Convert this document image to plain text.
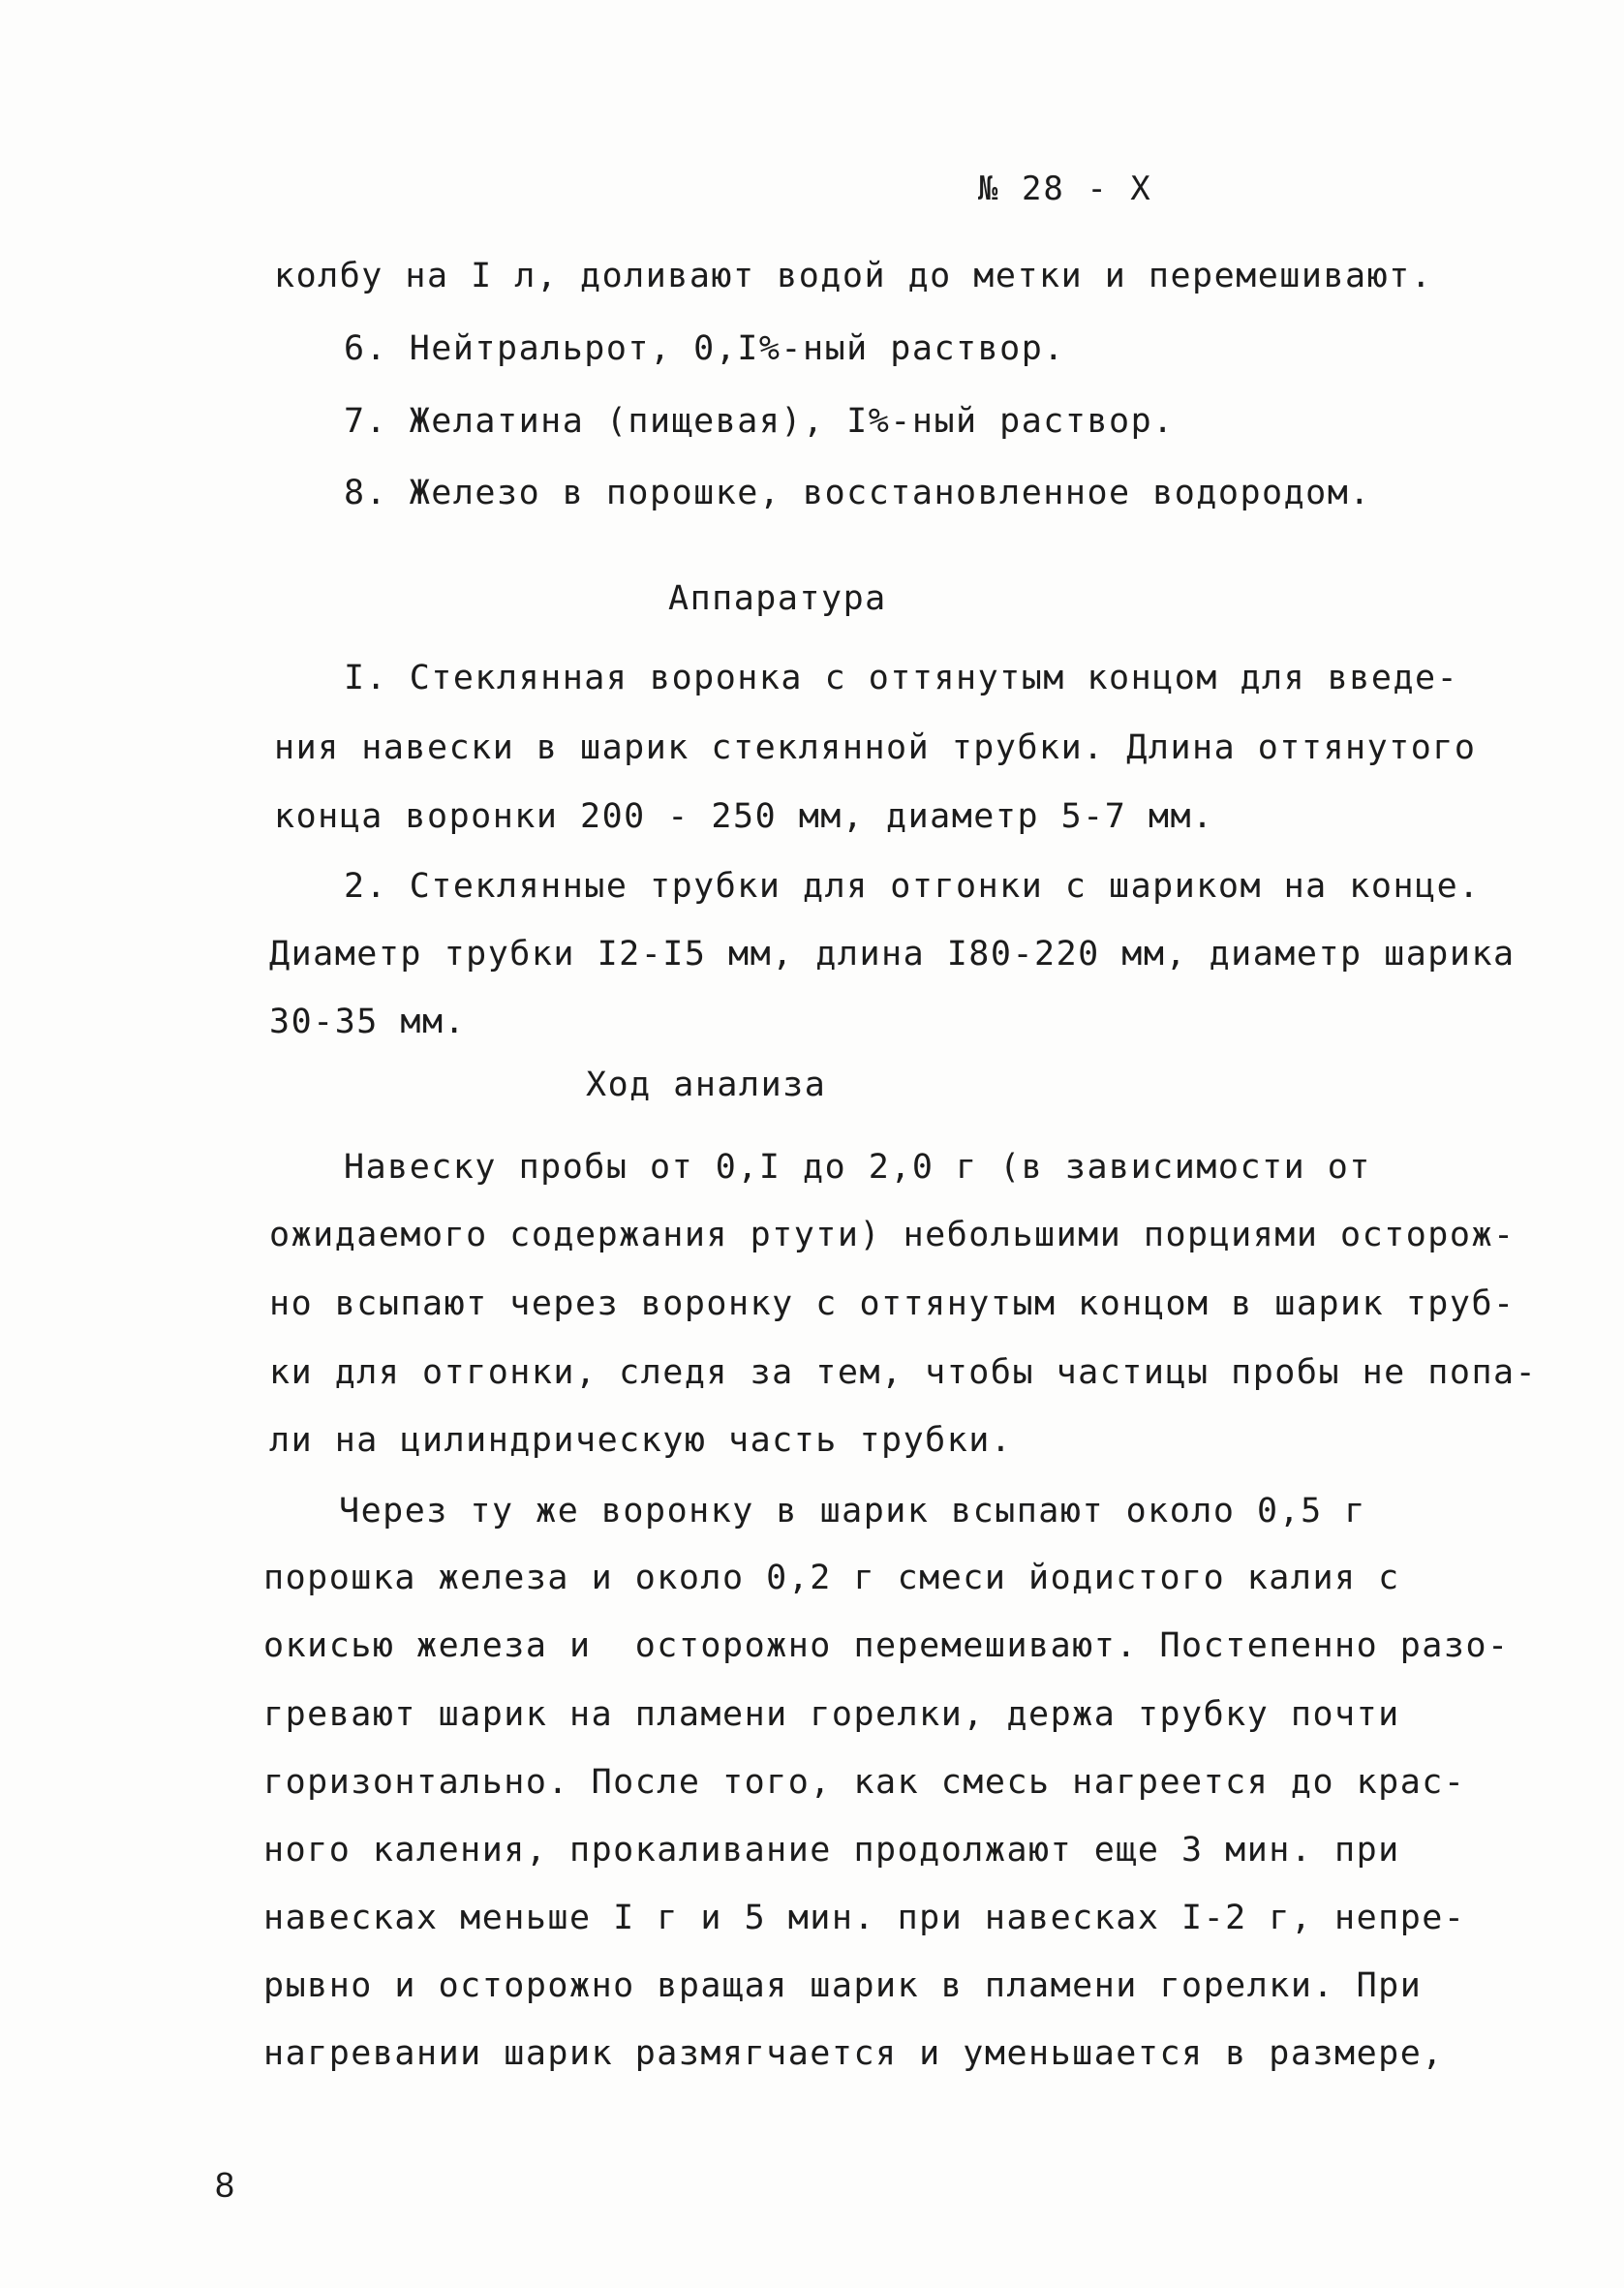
№ 28 - Х
колбу на I л, доливают водой до метки и перемешивают.
6. Нейтральрот, 0,I%-ный раствор.
7. Желатина (пищевая), I%-ный раствор.
8. Железо в порошке, восстановленное водородом.
Аппаратура
I. Стеклянная воронка с оттянутым концом для введе-
ния навески в шарик стеклянной трубки. Длина оттянутого
конца воронки 200 - 250 мм, диаметр 5-7 мм.
2. Стеклянные трубки для отгонки с шариком на конце.
Диаметр трубки I2-I5 мм, длина I80-220 мм, диаметр шарика
30-35 мм.
Ход анализа
Навеску пробы от 0,I до 2,0 г (в зависимости от
ожидаемого содержания ртути) небольшими порциями осторож-
но всыпают через воронку с оттянутым концом в шарик труб-
ки для отгонки, следя за тем, чтобы частицы пробы не попа-
ли на цилиндрическую часть трубки.
Через ту же воронку в шарик всыпают около 0,5 г
порошка железа и около 0,2 г смеси йодистого калия с
окисью железа и  осторожно перемешивают. Постепенно разо-
гревают шарик на пламени горелки, держа трубку почти
горизонтально. После того, как смесь нагреется до крас-
ного каления, прокаливание продолжают еще 3 мин. при
навесках меньше I г и 5 мин. при навесках I-2 г, непре-
рывно и осторожно вращая шарик в пламени горелки. При
нагревании шарик размягчается и уменьшается в размере,
8
